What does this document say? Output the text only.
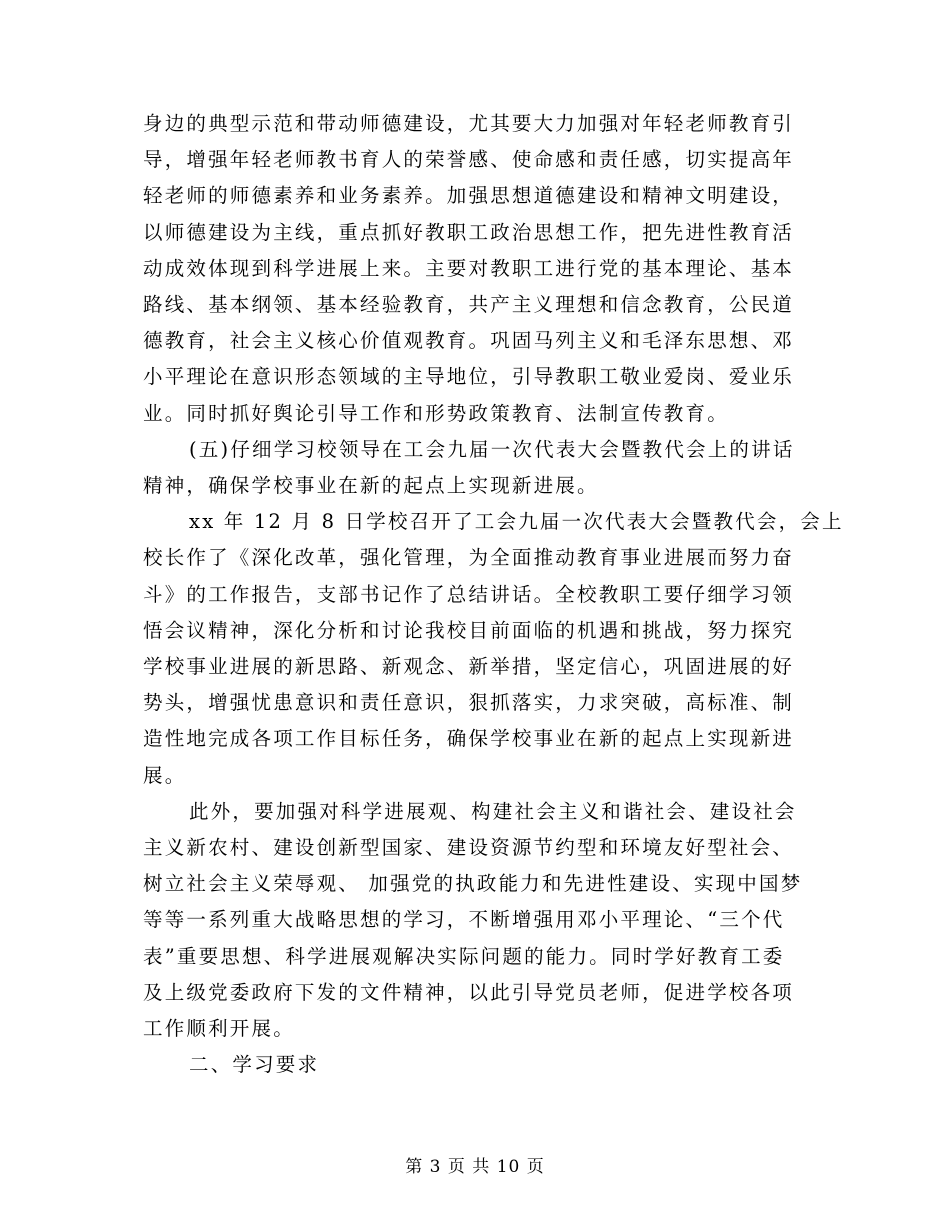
身边的典型示范和带动师德建设，尤其要大力加强对年轻老师教育引
导，增强年轻老师教书育人的荣誉感、使命感和责任感，切实提高年
轻老师的师德素养和业务素养。加强思想道德建设和精神文明建设，
以师德建设为主线，重点抓好教职工政治思想工作，把先进性教育活
动成效体现到科学进展上来。主要对教职工进行党的基本理论、基本
路线、基本纲领、基本经验教育，共产主义理想和信念教育，公民道
德教育，社会主义核心价值观教育。巩固马列主义和毛泽东思想、邓
小平理论在意识形态领域的主导地位，引导教职工敬业爱岗、爱业乐
业。同时抓好舆论引导工作和形势政策教育、法制宣传教育。

(五)仔细学习校领导在工会九届一次代表大会暨教代会上的讲话
精神，确保学校事业在新的起点上实现新进展。

xx 年 12 月 8 日学校召开了工会九届一次代表大会暨教代会，会上
校长作了《深化改革，强化管理，为全面推动教育事业进展而努力奋
斗》的工作报告，支部书记作了总结讲话。全校教职工要仔细学习领
悟会议精神，深化分析和讨论我校目前面临的机遇和挑战，努力探究
学校事业进展的新思路、新观念、新举措，坚定信心，巩固进展的好
势头，增强忧患意识和责任意识，狠抓落实，力求突破，高标准、制
造性地完成各项工作目标任务，确保学校事业在新的起点上实现新进
展。

此外，要加强对科学进展观、构建社会主义和谐社会、建设社会
主义新农村、建设创新型国家、建设资源节约型和环境友好型社会、
树立社会主义荣辱观、 加强党的执政能力和先进性建设、实现中国梦
等等一系列重大战略思想的学习，不断增强用邓小平理论、“三个代
表”重要思想、科学进展观解决实际问题的能力。同时学好教育工委
及上级党委政府下发的文件精神，以此引导党员老师，促进学校各项
工作顺利开展。

二、学习要求

第 3 页 共 10 页
